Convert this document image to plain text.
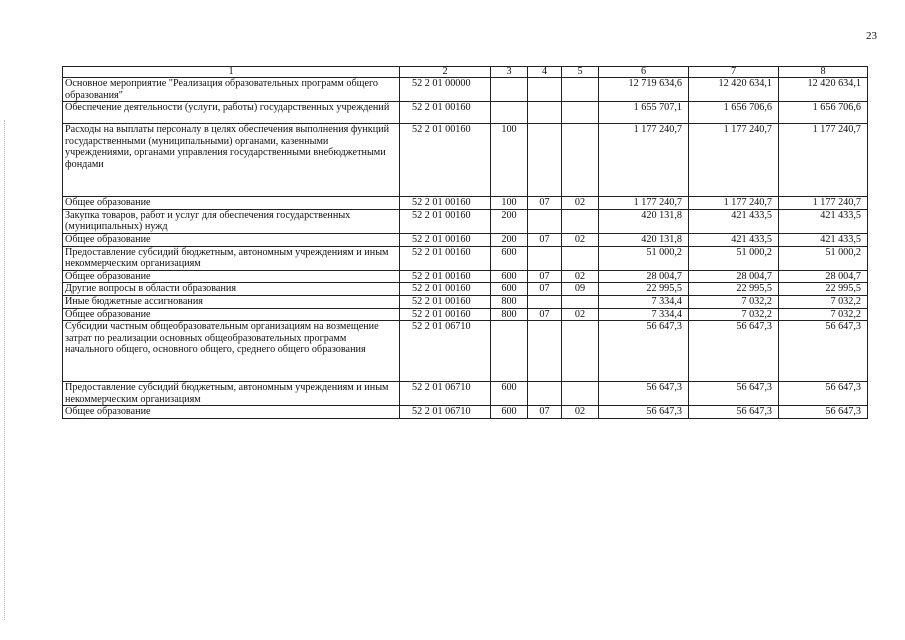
23
1	2	3	4	5	6	7	8
Основное мероприятие "Реализация образовательных программ общего образования"	52 2 01 00000				12 719 634,6	12 420 634,1	12 420 634,1
Обеспечение деятельности (услуги, работы) государственных учреждений	52 2 01 00160				1 655 707,1	1 656 706,6	1 656 706,6
Расходы на выплаты персоналу в целях обеспечения выполнения функций государственными (муниципальными) органами, казенными учреждениями, органами управления государственными внебюджетными фондами	52 2 01 00160	100			1 177 240,7	1 177 240,7	1 177 240,7
Общее образование	52 2 01 00160	100	07	02	1 177 240,7	1 177 240,7	1 177 240,7
Закупка товаров, работ и услуг для обеспечения государственных (муниципальных) нужд	52 2 01 00160	200			420 131,8	421 433,5	421 433,5
Общее образование	52 2 01 00160	200	07	02	420 131,8	421 433,5	421 433,5
Предоставление субсидий бюджетным, автономным учреждениям и иным некоммерческим организациям	52 2 01 00160	600			51 000,2	51 000,2	51 000,2
Общее образование	52 2 01 00160	600	07	02	28 004,7	28 004,7	28 004,7
Другие вопросы в области образования	52 2 01 00160	600	07	09	22 995,5	22 995,5	22 995,5
Иные бюджетные ассигнования	52 2 01 00160	800			7 334,4	7 032,2	7 032,2
Общее образование	52 2 01 00160	800	07	02	7 334,4	7 032,2	7 032,2
Субсидии частным общеобразовательным организациям на возмещение затрат по реализации основных общеобразовательных программ начального общего, основного общего, среднего общего образования	52 2 01 06710				56 647,3	56 647,3	56 647,3
Предоставление субсидий бюджетным, автономным учреждениям и иным некоммерческим организациям	52 2 01 06710	600			56 647,3	56 647,3	56 647,3
Общее образование	52 2 01 06710	600	07	02	56 647,3	56 647,3	56 647,3
